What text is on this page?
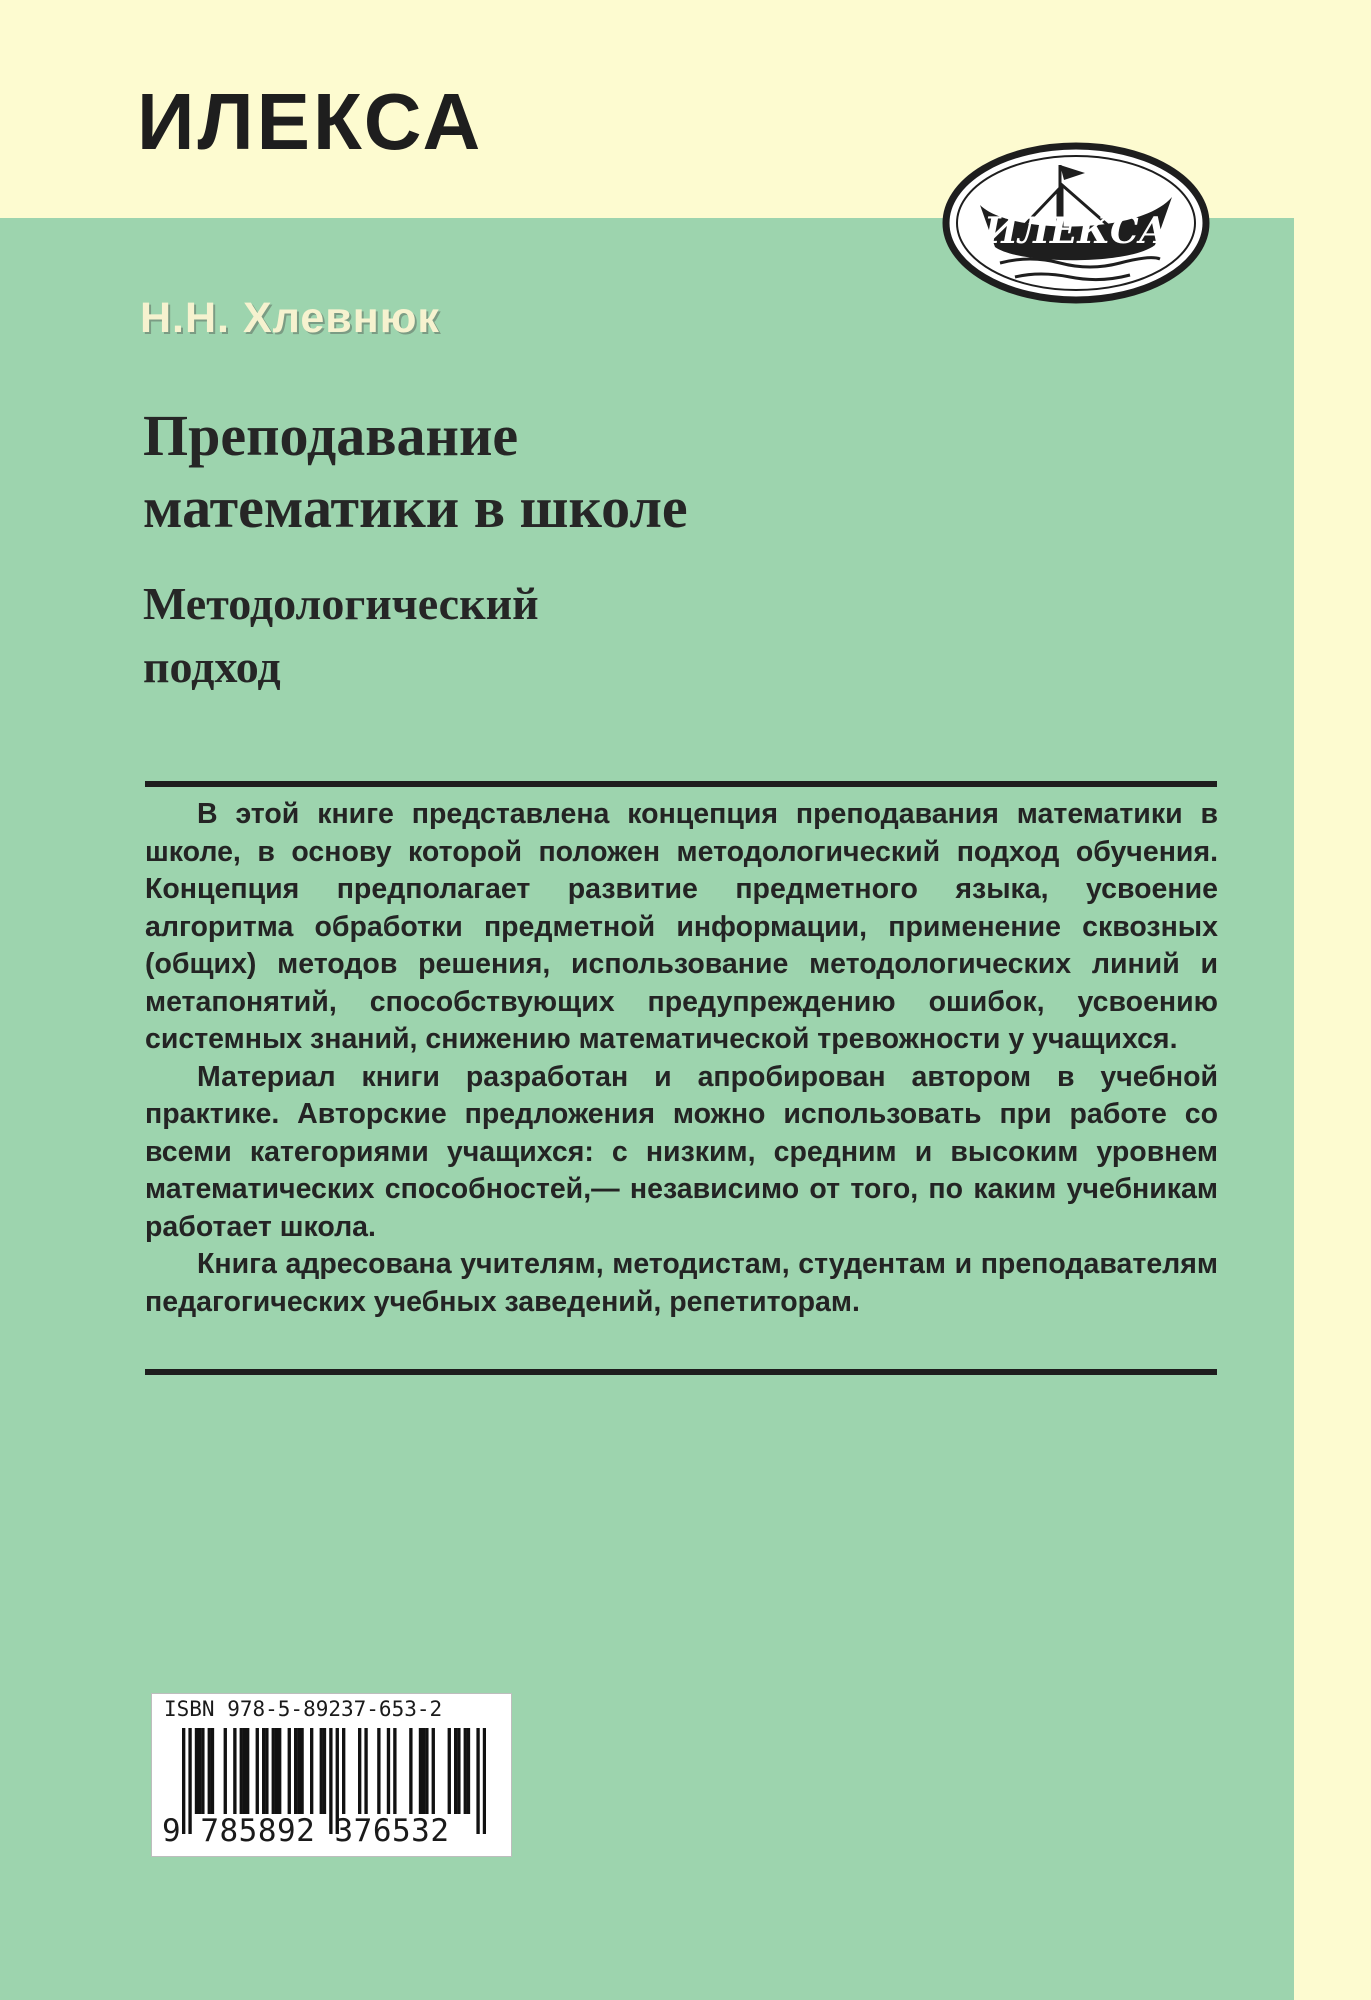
ИЛЕКСА
ИЛЕКСА
Н.Н. Хлевнюк
Преподавание
математики в школе
Методологический
подход

В этой книге представлена концепция преподавания математики в школе, в основу которой положен методологический подход обучения. Концепция предполагает развитие предметного языка, усвоение алгоритма обработки предметной информации, применение сквозных (общих) методов решения, использование методологических линий и метапонятий, способствующих предупреждению ошибок, усвоению системных знаний, снижению математической тревожности у учащихся.

Материал книги разработан и апробирован автором в учебной практике. Авторские предложения можно использовать при работе со всеми категориями учащихся: с низким, средним и высоким уровнем математических способностей,— независимо от того, по каким учебникам работает школа.

Книга адресована учителям, методистам, студентам и преподавателям педагогических учебных заведений, репетиторам.

ISBN 978-5-89237-653-2
9 785892 376532
